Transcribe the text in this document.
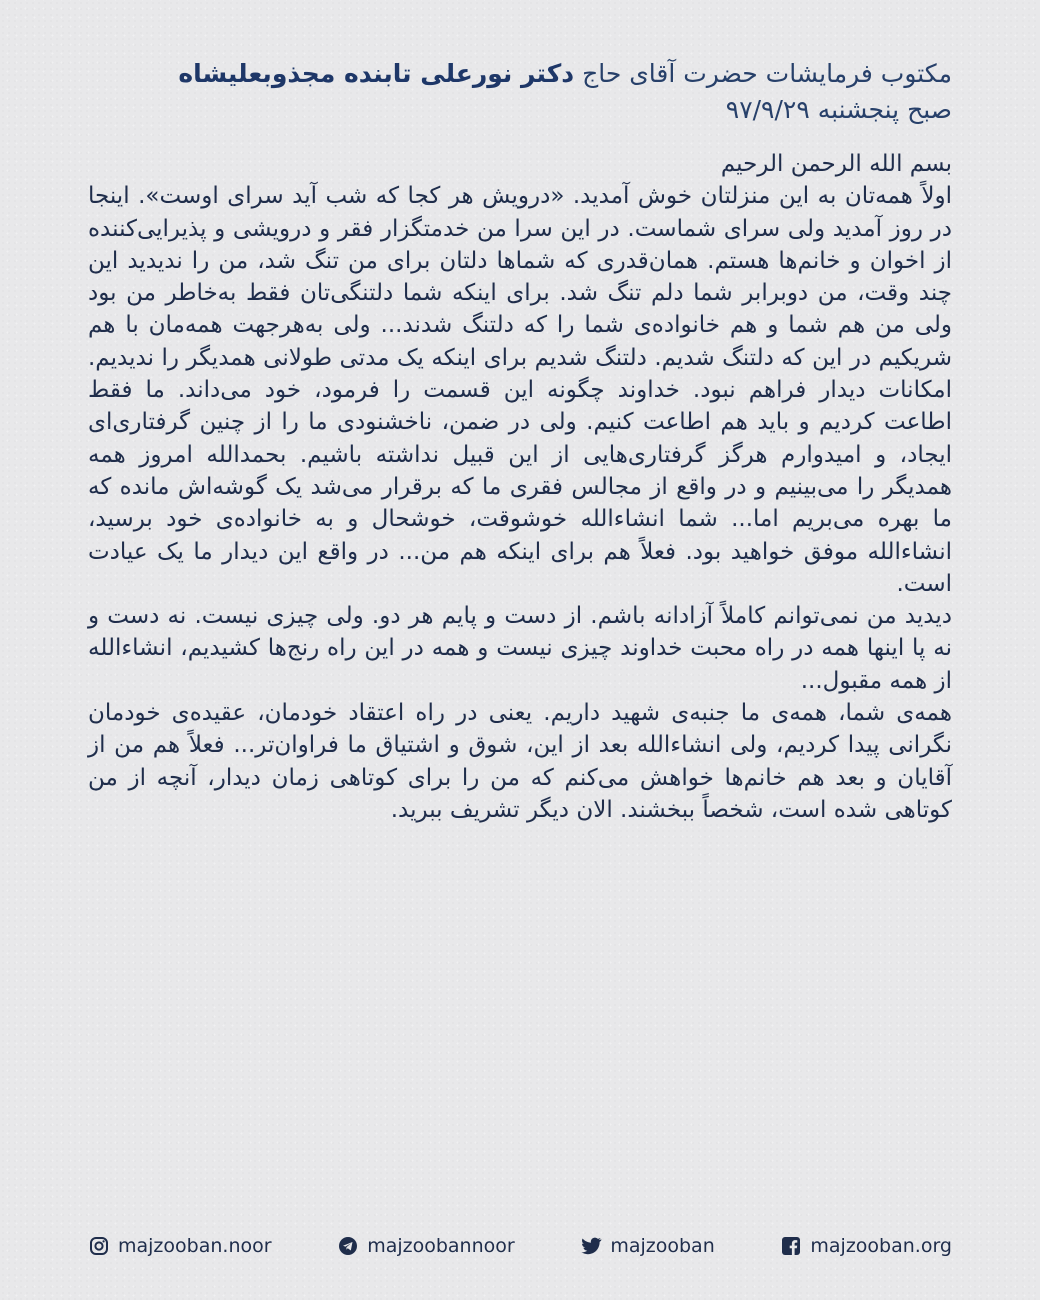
مکتوب فرمایشات حضرت آقای حاج دکتر نورعلی تابنده مجذوبعلیشاه
صبح پنجشنبه ۹۷/۹/۲۹

بسم الله الرحمن الرحیم

اولاً همه‌تان به این منزلتان خوش آمدید. «درویش هر کجا که شب آید سرای اوست». اینجا در روز آمدید ولی سرای شماست. در این سرا من خدمتگزار فقر و درویشی و پذیرایی‌کننده از اخوان و خانم‌ها هستم. همان‌قدری که شماها دلتان برای من تنگ شد، من را ندیدید این چند وقت، من دوبرابر شما دلم تنگ شد. برای اینکه شما دلتنگی‌تان فقط به‌خاطر من بود ولی من هم شما و هم خانواده‌ی شما را که دلتنگ شدند... ولی به‌هرجهت همه‌مان با هم شریکیم در این که دلتنگ شدیم. دلتنگ شدیم برای اینکه یک مدتی طولانی همدیگر را ندیدیم. امکانات دیدار فراهم نبود. خداوند چگونه این قسمت را فرمود، خود می‌داند. ما فقط اطاعت کردیم و باید هم اطاعت کنیم. ولی در ضمن، ناخشنودی ما را از چنین گرفتاری‌ای ایجاد، و امیدوارم هرگز گرفتاری‌هایی از این قبیل نداشته باشیم. بحمدالله امروز همه همدیگر را می‌بینیم و در واقع از مجالس فقری ما که برقرار می‌شد یک گوشه‌اش مانده که ما بهره می‌بریم اما... شما انشاءالله خوشوقت، خوشحال و به خانواده‌ی خود برسید، انشاءالله موفق خواهید بود. فعلاً هم برای اینکه هم من... در واقع این دیدار ما یک عیادت است.

دیدید من نمی‌توانم کاملاً آزادانه باشم. از دست و پایم هر دو. ولی چیزی نیست. نه دست و نه پا اینها همه در راه محبت خداوند چیزی نیست و همه در این راه رنج‌ها کشیدیم، انشاءالله از همه مقبول...

همه‌ی شما، همه‌ی ما جنبه‌ی شهید داریم. یعنی در راه اعتقاد خودمان، عقیده‌ی خودمان نگرانی پیدا کردیم، ولی انشاءالله بعد از این، شوق و اشتیاق ما فراوان‌تر... فعلاً هم من از آقایان و بعد هم خانم‌ها خواهش می‌کنم که من را برای کوتاهی زمان دیدار، آنچه از من کوتاهی شده است، شخصاً ببخشند. الان دیگر تشریف ببرید.

majzooban.noor	majzoobannoor	majzooban	majzooban.org
